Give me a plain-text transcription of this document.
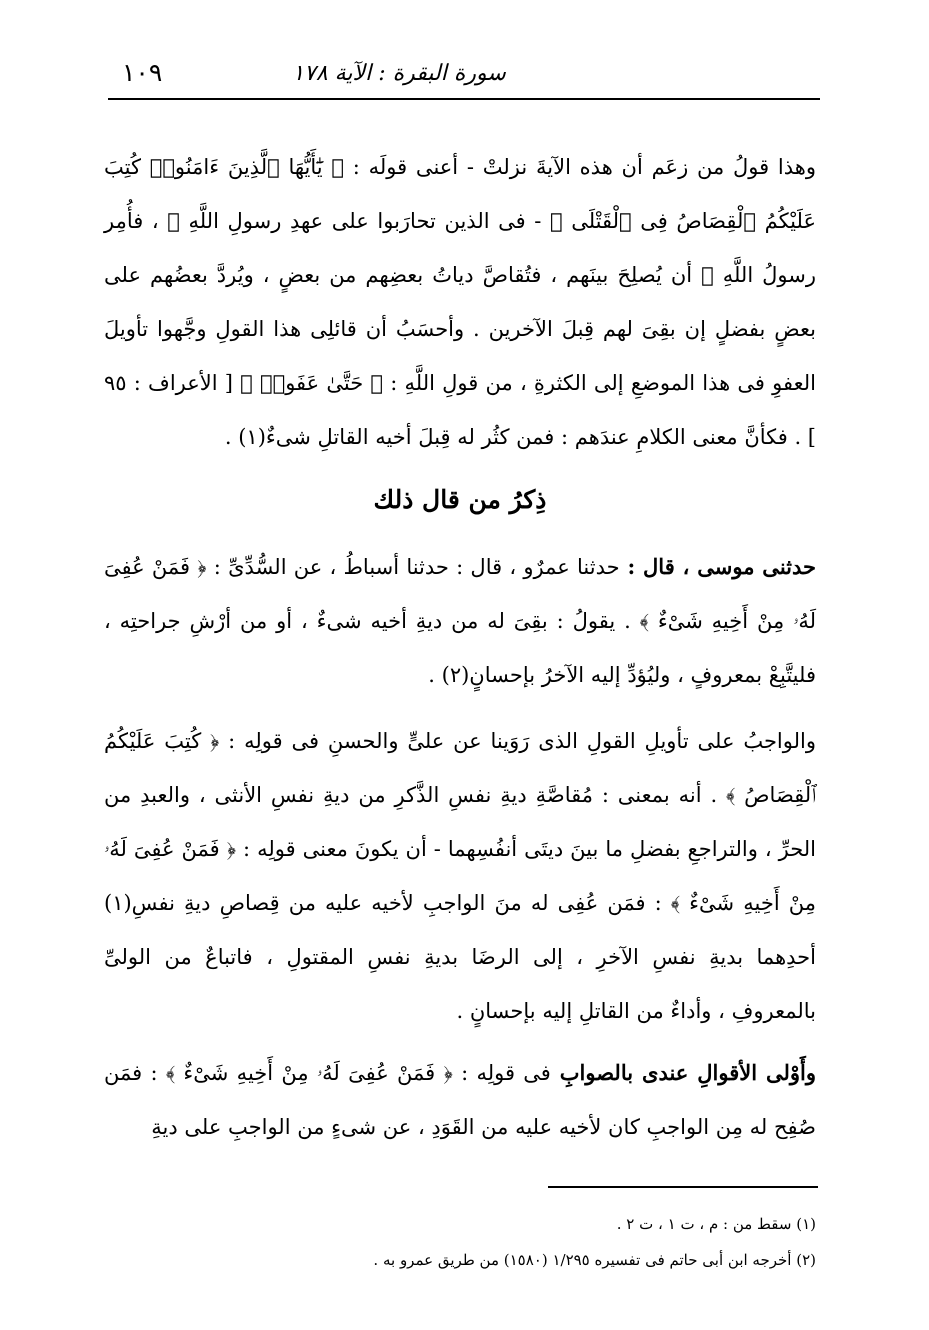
١٠٩	سورة البقرة : الآية ١٧٨
وهذا قولُ من زعَم أن هذه الآيةَ نزلتْ - أعنى قولَه : ﴿ يَٰٓأَيُّهَا ٱلَّذِينَ ءَامَنُوا۟ كُتِبَ عَلَيْكُمُ ٱلْقِصَاصُ فِى ٱلْقَتْلَى ﴾ - فى الذين تحارَبوا على عهدِ رسولِ اللَّهِ ﷺ ، فأُمِر رسولُ اللَّهِ ﷺ أن يُصلِحَ بينَهم ، فتُقاصَّ دياتُ بعضِهم من بعضٍ ، ويُردَّ بعضُهم على بعضٍ بفضلٍ إن بقِىَ لهم قِبلَ الآخرين . وأحسَبُ أن قائلِى هذا القولِ وجَّهوا تأويلَ العفوِ فى هذا الموضعِ إلى الكثرةِ ، من قولِ اللَّهِ : ﴿ حَتَّىٰ عَفَوا۟ ﴾ [ الأعراف : ٩٥ ] . فكأنَّ معنى الكلامِ عندَهم : فمن كثُر له قِبلَ أخيه القاتلِ شىءٌ(١) .
ذِكرُ من قال ذلك
حدثنى موسى ، قال : حدثنا عمرٌو ، قال : حدثنا أسباطُ ، عن السُّدِّىِّ : ﴿ فَمَنْ عُفِىَ لَهُۥ مِنْ أَخِيهِ شَىْءٌ ﴾ . يقولُ : بقِىَ له من ديةِ أخيه شىءٌ ، أو من أرْشِ جراحتِه ، فليتَّبِعْ بمعروفٍ ، وليُؤدِّ إليه الآخرُ بإحسانٍ(٢) .
والواجبُ على تأويلِ القولِ الذى رَوَينا عن علىٍّ والحسنِ فى قولِه : ﴿ كُتِبَ عَلَيْكُمُ ٱلْقِصَاصُ ﴾ . أنه بمعنى : مُقاصَّةِ ديةِ نفسِ الذَّكرِ من ديةِ نفسِ الأنثى ، والعبدِ من الحرِّ ، والتراجعِ بفضلِ ما بينَ ديتَى أنفُسِهما - أن يكونَ معنى قولِه : ﴿ فَمَنْ عُفِىَ لَهُۥ مِنْ أَخِيهِ شَىْءٌ ﴾ : فمَن عُفِى له منَ الواجبِ لأخيه عليه من قِصاصِ ديةِ نفسِ(١) أحدِهما بديةِ نفسِ الآخرِ ، إلى الرضَا بديةِ نفسِ المقتولِ ، فاتباعٌ من الولىِّ بالمعروفِ ، وأداءٌ من القاتلِ إليه بإحسانٍ .
وأَوْلى الأقوالِ عندى بالصوابِ فى قولِه : ﴿ فَمَنْ عُفِىَ لَهُۥ مِنْ أَخِيهِ شَىْءٌ ﴾ : فمَن صُفِح له مِن الواجبِ كان لأخيه عليه من القَوَدِ ، عن شىءٍ من الواجبِ على ديةِ
(١) سقط من : م ، ت ١ ، ت ٢ .
(٢) أخرجه ابن أبى حاتم فى تفسيره ١/٢٩٥ (١٥٨٠) من طريق عمرو به .
